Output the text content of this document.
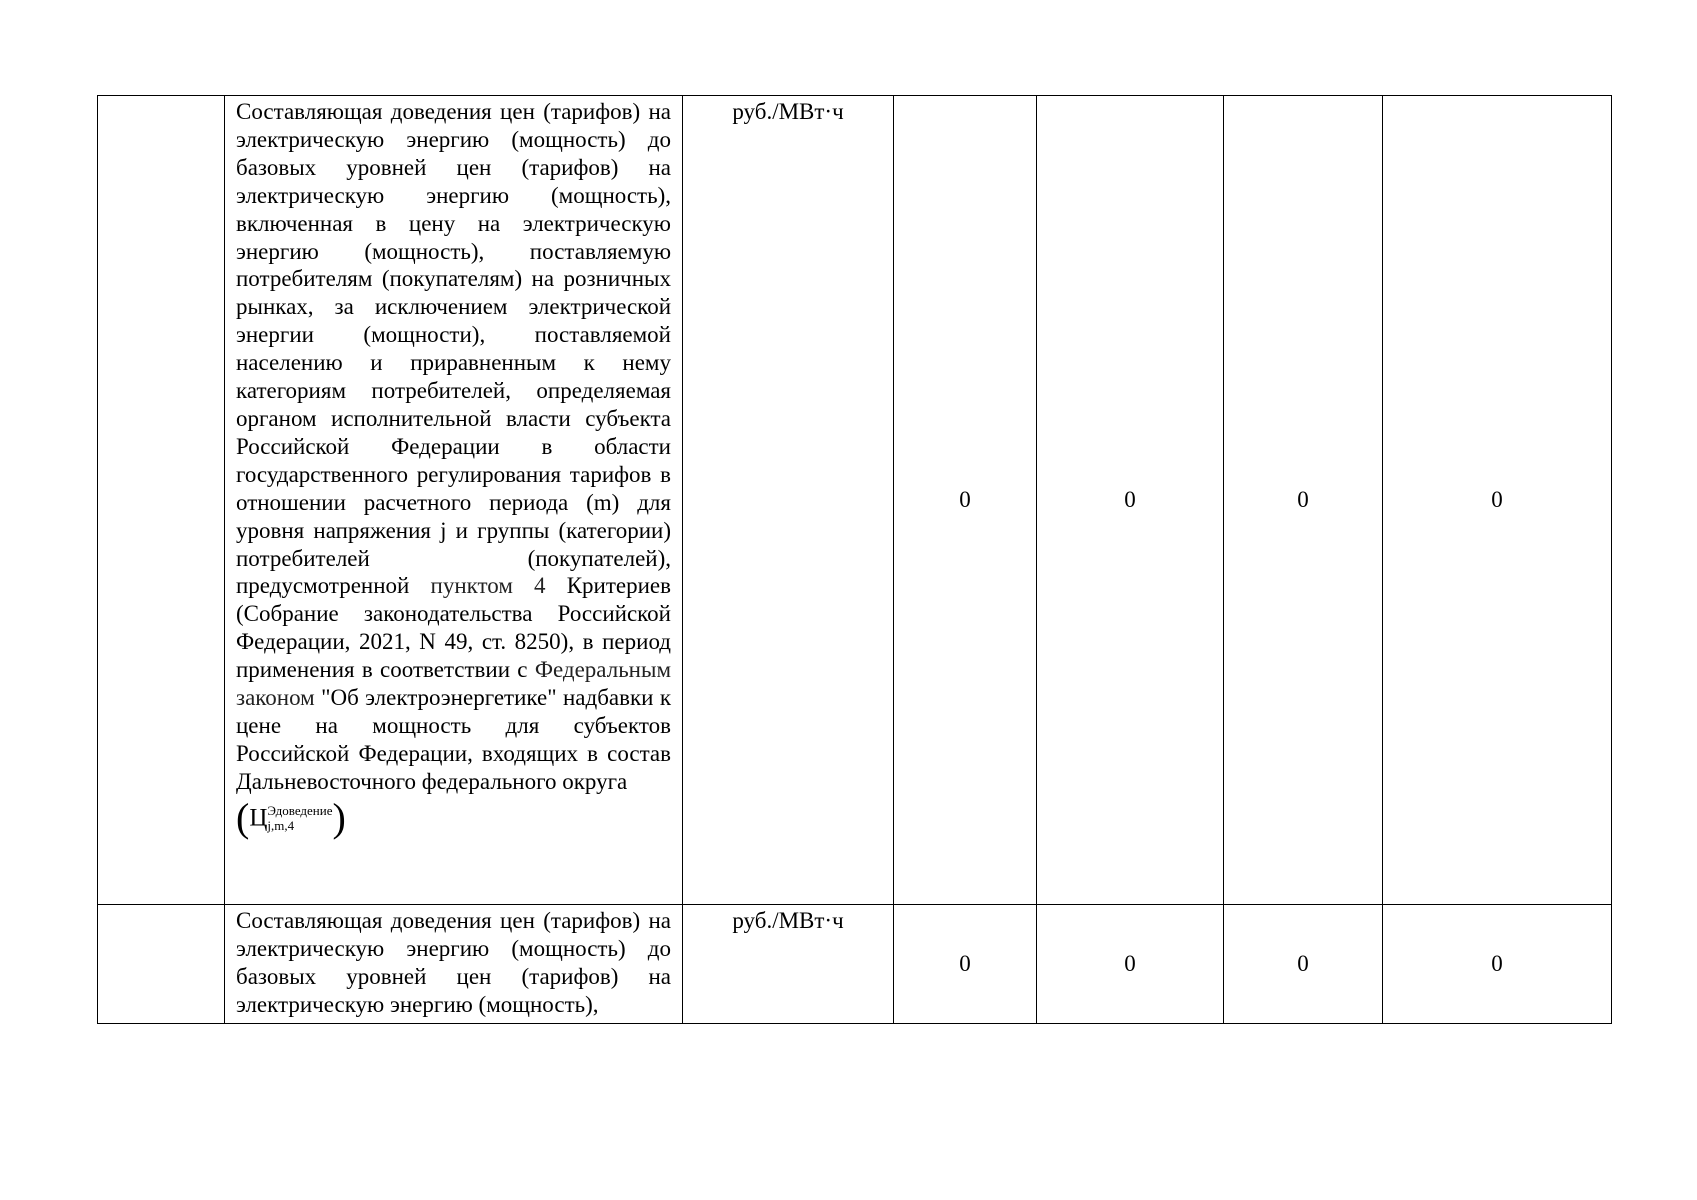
	Составляющая доведения цен (тарифов) на электрическую энергию (мощность) до базовых уровней цен (тарифов) на электрическую энергию (мощность), включенная в цену на электрическую энергию (мощность), поставляемую потребителям (покупателям) на розничных рынках, за исключением электрической энергии (мощности), поставляемой населению и приравненным к нему категориям потребителей, определяемая органом исполнительной власти субъекта Российской Федерации в области государственного регулирования тарифов в отношении расчетного периода (m) для уровня напряжения j и группы (категории) потребителей (покупателей), предусмотренной пунктом 4 Критериев (Собрание законодательства Российской Федерации, 2021, N 49, ст. 8250), в период применения в соответствии с Федеральным законом "Об электроэнергетике" надбавки к цене на мощность для субъектов Российской Федерации, входящих в состав Дальневосточного федерального округа
(Ц Эдоведение
j,m,4 )	руб./МВт·ч	0	0	0	0
	Составляющая доведения цен (тарифов) на электрическую энергию (мощность) до базовых уровней цен (тарифов) на электрическую энергию (мощность),	руб./МВт·ч	0	0	0	0
